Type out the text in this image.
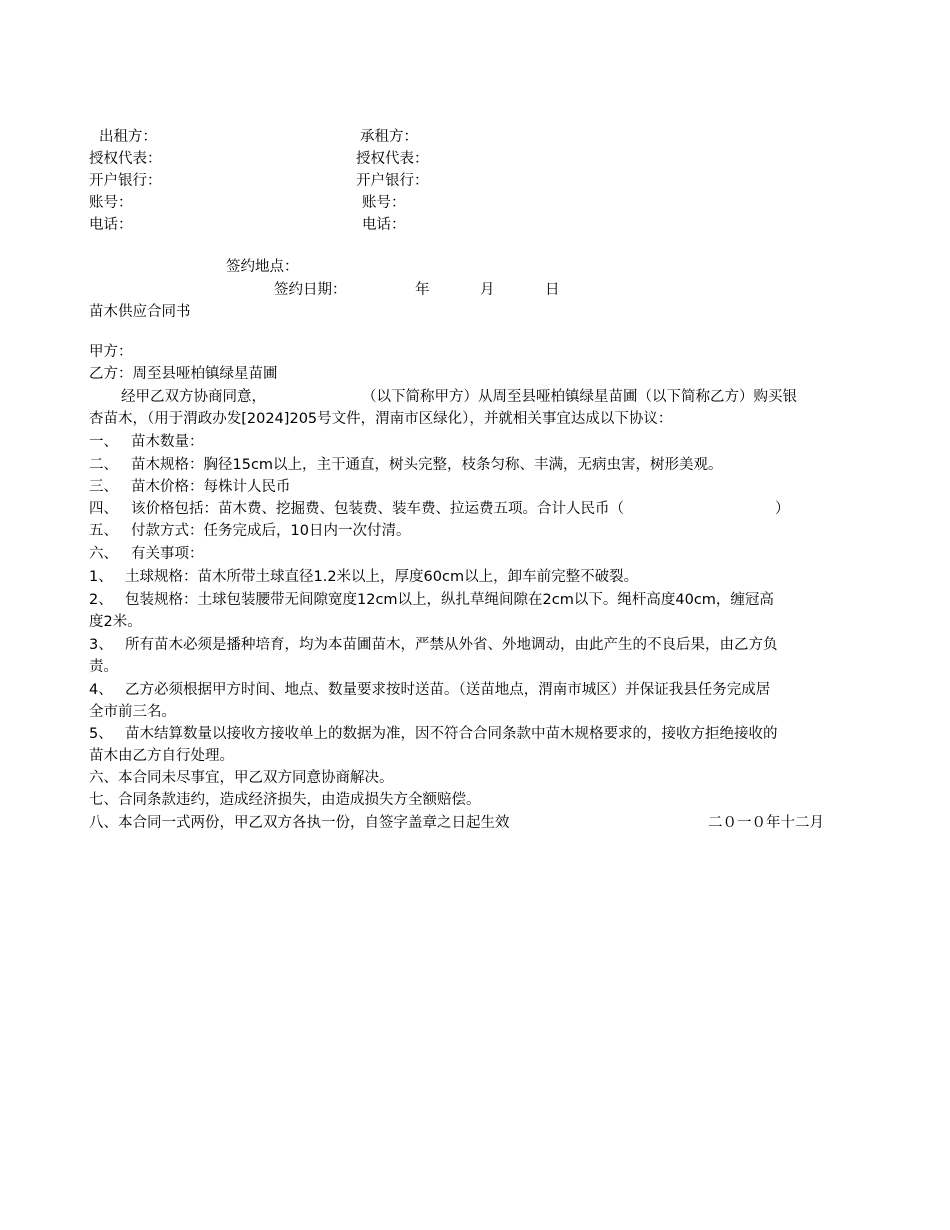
出租方：	承租方：
授权代表：	授权代表：
开户银行：	开户银行：
账号：	账号：
电话：	电话：
签约地点：
签约日期：	年	月	日
苗木供应合同书
甲方：
乙方：周至县哑柏镇绿星苗圃
经甲乙双方协商同意，	（以下简称甲方）从周至县哑柏镇绿星苗圃（以下简称乙方）购买银
杏苗木，（用于渭政办发[2024]205号文件，渭南市区绿化），并就相关事宜达成以下协议：
一、 苗木数量：
二、 苗木规格：胸径15cm以上，主干通直，树头完整，枝条匀称、丰满，无病虫害，树形美观。
三、 苗木价格：每株计人民币
四、 该价格包括：苗木费、挖掘费、包装费、装车费、拉运费五项。合计人民币（	）
五、 付款方式：任务完成后，10日内一次付清。
六、 有关事项：
1、 土球规格：苗木所带土球直径1.2米以上，厚度60cm以上，卸车前完整不破裂。
2、 包装规格：土球包装腰带无间隙宽度12cm以上，纵扎草绳间隙在2cm以下。绳杆高度40cm，缠冠高
度2米。
3、 所有苗木必须是播种培育，均为本苗圃苗木，严禁从外省、外地调动，由此产生的不良后果，由乙方负
责。
4、 乙方必须根据甲方时间、地点、数量要求按时送苗。（送苗地点，渭南市城区）并保证我县任务完成居
全市前三名。
5、 苗木结算数量以接收方接收单上的数据为准，因不符合合同条款中苗木规格要求的，接收方拒绝接收的
苗木由乙方自行处理。
六、本合同未尽事宜，甲乙双方同意协商解决。
七、合同条款违约，造成经济损失，由造成损失方全额赔偿。
八、本合同一式两份，甲乙双方各执一份，自签字盖章之日起生效	二０一０年十二月
